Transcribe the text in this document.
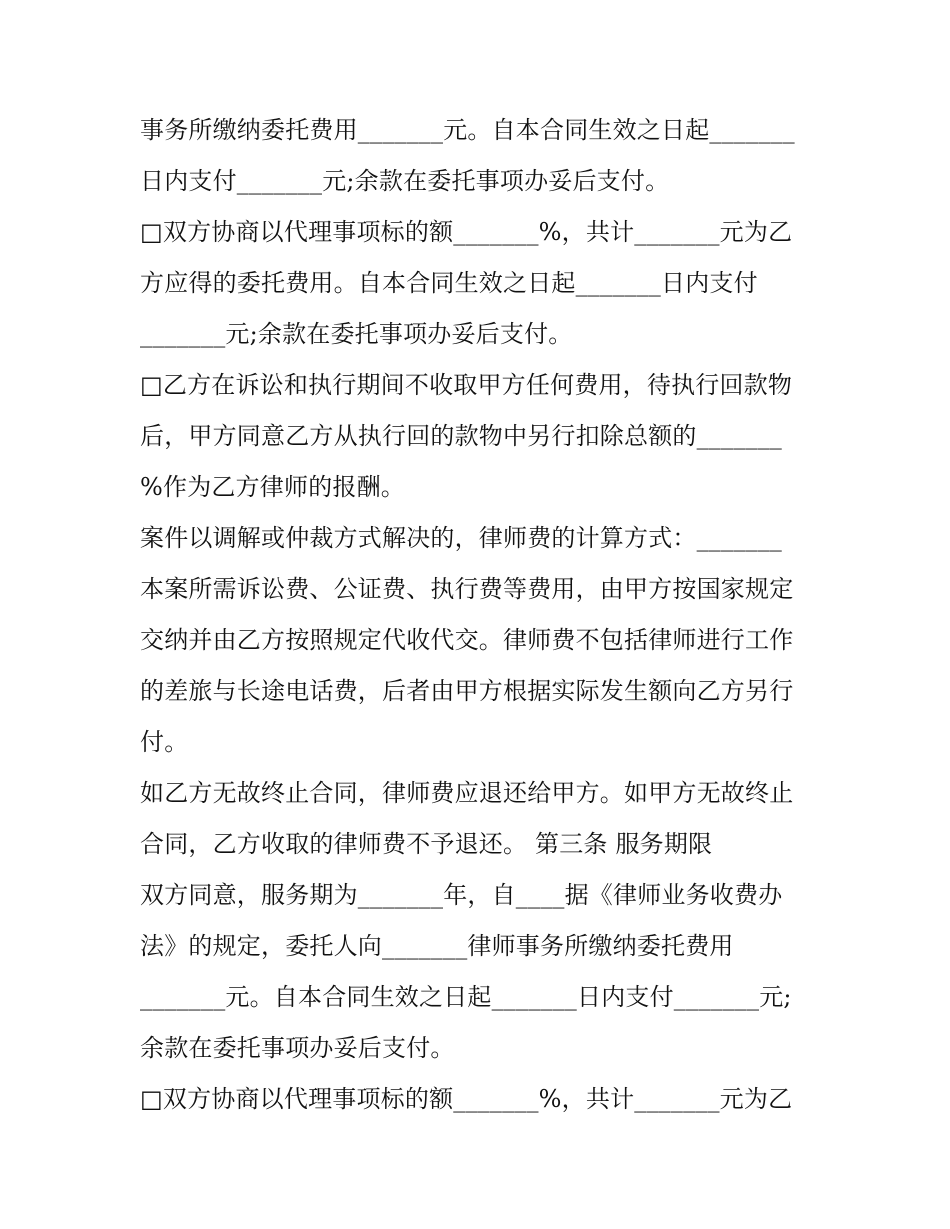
事务所缴纳委托费用_______元。自本合同生效之日起_______
日内支付_______元;余款在委托事项办妥后支付。
□双方协商以代理事项标的额_______%，共计_______元为乙
方应得的委托费用。自本合同生效之日起_______日内支付
_______元;余款在委托事项办妥后支付。
□乙方在诉讼和执行期间不收取甲方任何费用，待执行回款物
后，甲方同意乙方从执行回的款物中另行扣除总额的_______
%作为乙方律师的报酬。
案件以调解或仲裁方式解决的，律师费的计算方式：_______
本案所需诉讼费、公证费、执行费等费用，由甲方按国家规定
交纳并由乙方按照规定代收代交。律师费不包括律师进行工作
的差旅与长途电话费，后者由甲方根据实际发生额向乙方另行
付。
如乙方无故终止合同，律师费应退还给甲方。如甲方无故终止
合同，乙方收取的律师费不予退还。 第三条 服务期限
双方同意，服务期为_______年，自____据《律师业务收费办
法》的规定，委托人向_______律师事务所缴纳委托费用
_______元。自本合同生效之日起_______日内支付_______元;
余款在委托事项办妥后支付。
□双方协商以代理事项标的额_______%，共计_______元为乙
